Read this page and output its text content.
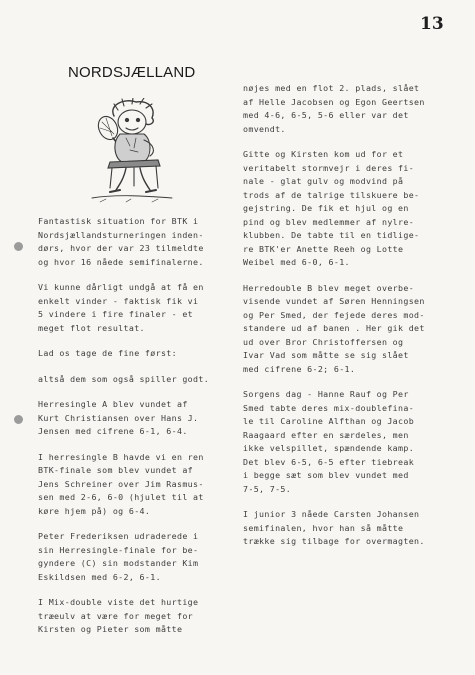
13
NORDSJÆLLAND

Fantastisk situation for BTK i
Nordsjællandsturneringen inden-
dørs, hvor der var 23 tilmeldte
og hvor 16 nåede semifinalerne.

Vi kunne dårligt undgå at få en
enkelt vinder - faktisk fik vi
5 vindere i fire finaler - et
meget flot resultat.

Lad os tage de fine først:

altså dem som også spiller godt.

Herresingle A blev vundet af
Kurt Christiansen over Hans J.
Jensen med cifrene 6-1, 6-4.

I herresingle B havde vi en ren
BTK-finale som blev vundet af
Jens Schreiner over Jim Rasmus-
sen med 2-6, 6-0 (hjulet til at
køre hjem på) og 6-4.

Peter Frederiksen udraderede i
sin Herresingle-finale for be-
gyndere (C) sin modstander Kim
Eskildsen med 6-2, 6-1.

I Mix-double viste det hurtige
træeulv at være for meget for
Kirsten og Pieter som måtte

nøjes med en flot 2. plads, slået
af Helle Jacobsen og Egon Geertsen
med 4-6, 6-5, 5-6 eller var det
omvendt.

Gitte og Kirsten kom ud for et
veritabelt stormvejr i deres fi-
nale - glat gulv og modvind på
trods af de talrige tilskuere be-
gejstring. De fik et hjul og en
pind og blev medlemmer af nylre-
klubben. De tabte til en tidlige-
re BTK'er Anette Reeh og Lotte
Weibel med 6-0, 6-1.

Herredouble B blev meget overbe-
visende vundet af Søren Henningsen
og Per Smed, der fejede deres mod-
standere ud af banen . Her gik det
ud over Bror Christoffersen og
Ivar Vad som måtte se sig slået
med cifrene 6-2; 6-1.

Sorgens dag - Hanne Rauf og Per
Smed tabte deres mix-doublefina-
le til Caroline Alfthan og Jacob
Raagaard efter en særdeles, men
ikke velspillet, spændende kamp.
Det blev 6-5, 6-5 efter tiebreak
i begge sæt som blev vundet med
7-5, 7-5.

I junior 3 nåede Carsten Johansen
semifinalen, hvor han så måtte
trække sig tilbage for overmagten.
